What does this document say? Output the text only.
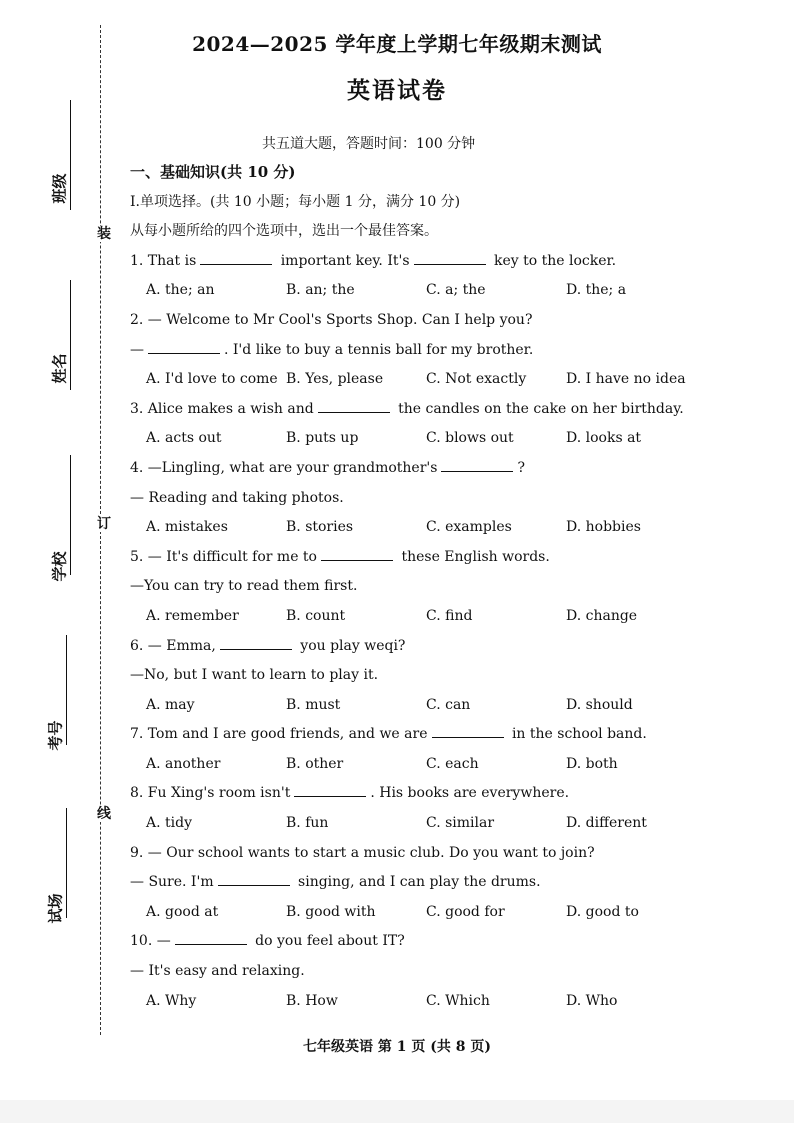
班级
姓名
学校
考号
试场
装
订
线
2024—2025 学年度上学期七年级期末测试
英语试卷
共五道大题，答题时间：100 分钟
一、基础知识(共 10 分)
I.单项选择。(共 10 小题；每小题 1 分，满分 10 分)
从每小题所给的四个选项中，选出一个最佳答案。
1. That is	important key. It's	key to the locker.
A. the; an	B. an; the	C. a; the	D. the; a
2. — Welcome to Mr Cool's Sports Shop. Can I help you?
—	. I'd like to buy a tennis ball for my brother.
A. I'd love to come B. Yes, please	C. Not exactly	D. I have no idea
3. Alice makes a wish and	the candles on the cake on her birthday.
A. acts out	B. puts up	C. blows out	D. looks at
4. —Lingling, what are your grandmother's	?
— Reading and taking photos.
A. mistakes	B. stories	C. examples	D. hobbies
5. — It's difficult for me to	these English words.
—You can try to read them first.
A. remember	B. count	C. find	D. change
6. — Emma,	you play weqi?
—No, but I want to learn to play it.
A. may	B. must	C. can	D. should
7. Tom and I are good friends, and we are	in the school band.
A. another	B. other	C. each	D. both
8. Fu Xing's room isn't	. His books are everywhere.
A. tidy	B. fun	C. similar	D. different
9. — Our school wants to start a music club. Do you want to join?
— Sure. I'm	singing, and I can play the drums.
A. good at	B. good with	C. good for	D. good to
10. —	do you feel about IT?
— It's easy and relaxing.
A. Why	B. How	C. Which	D. Who
七年级英语 第 1 页 (共 8 页)
